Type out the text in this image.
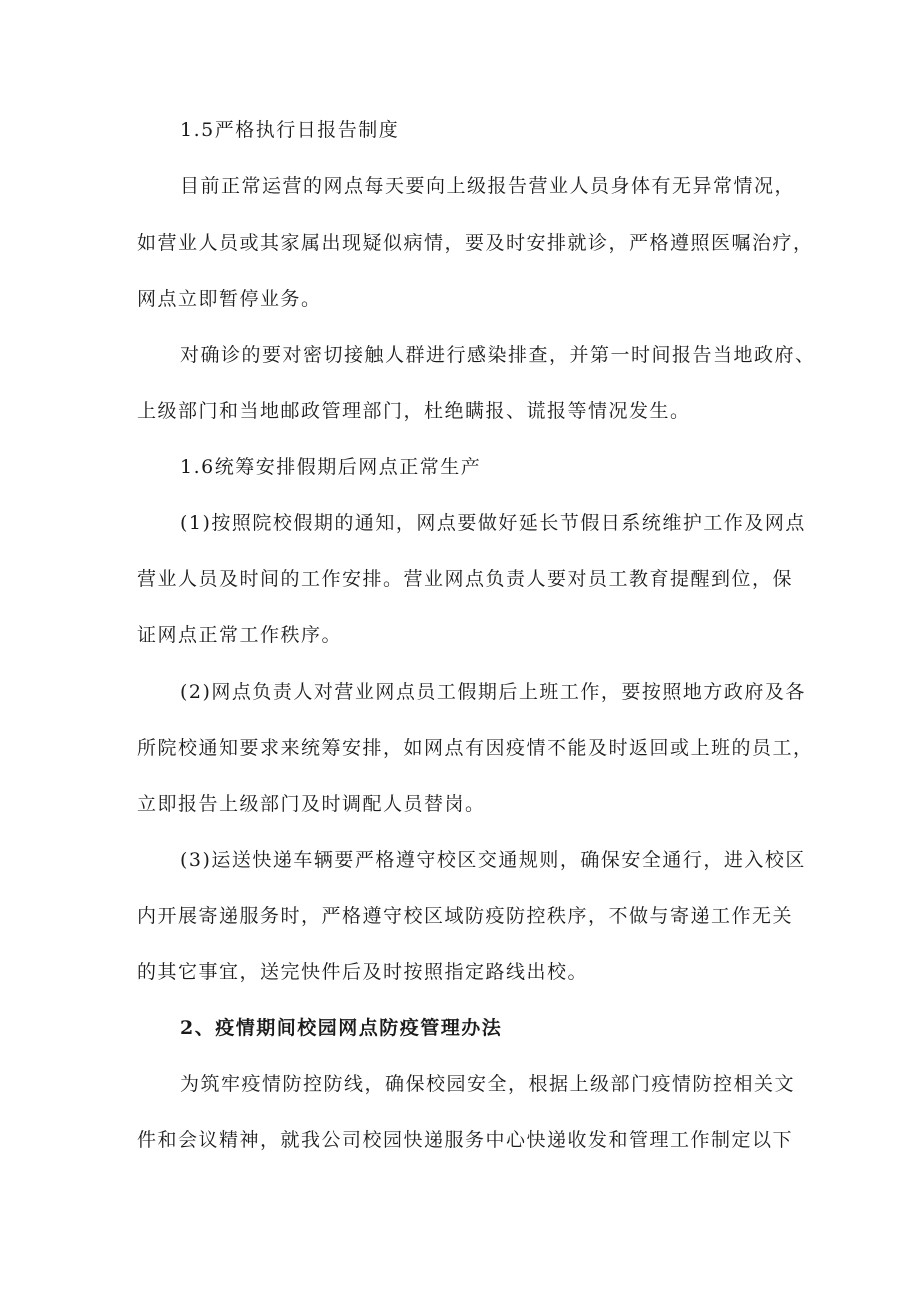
1.5严格执行日报告制度
目前正常运营的网点每天要向上级报告营业人员身体有无异常情况，
如营业人员或其家属出现疑似病情，要及时安排就诊，严格遵照医嘱治疗，
网点立即暂停业务。
对确诊的要对密切接触人群进行感染排查，并第一时间报告当地政府、
上级部门和当地邮政管理部门，杜绝瞒报、谎报等情况发生。
1.6统筹安排假期后网点正常生产
(1)按照院校假期的通知，网点要做好延长节假日系统维护工作及网点
营业人员及时间的工作安排。营业网点负责人要对员工教育提醒到位，保
证网点正常工作秩序。
(2)网点负责人对营业网点员工假期后上班工作，要按照地方政府及各
所院校通知要求来统筹安排，如网点有因疫情不能及时返回或上班的员工，
立即报告上级部门及时调配人员替岗。
(3)运送快递车辆要严格遵守校区交通规则，确保安全通行，进入校区
内开展寄递服务时，严格遵守校区域防疫防控秩序，不做与寄递工作无关
的其它事宜，送完快件后及时按照指定路线出校。
2、疫情期间校园网点防疫管理办法
为筑牢疫情防控防线，确保校园安全，根据上级部门疫情防控相关文
件和会议精神，就我公司校园快递服务中心快递收发和管理工作制定以下
